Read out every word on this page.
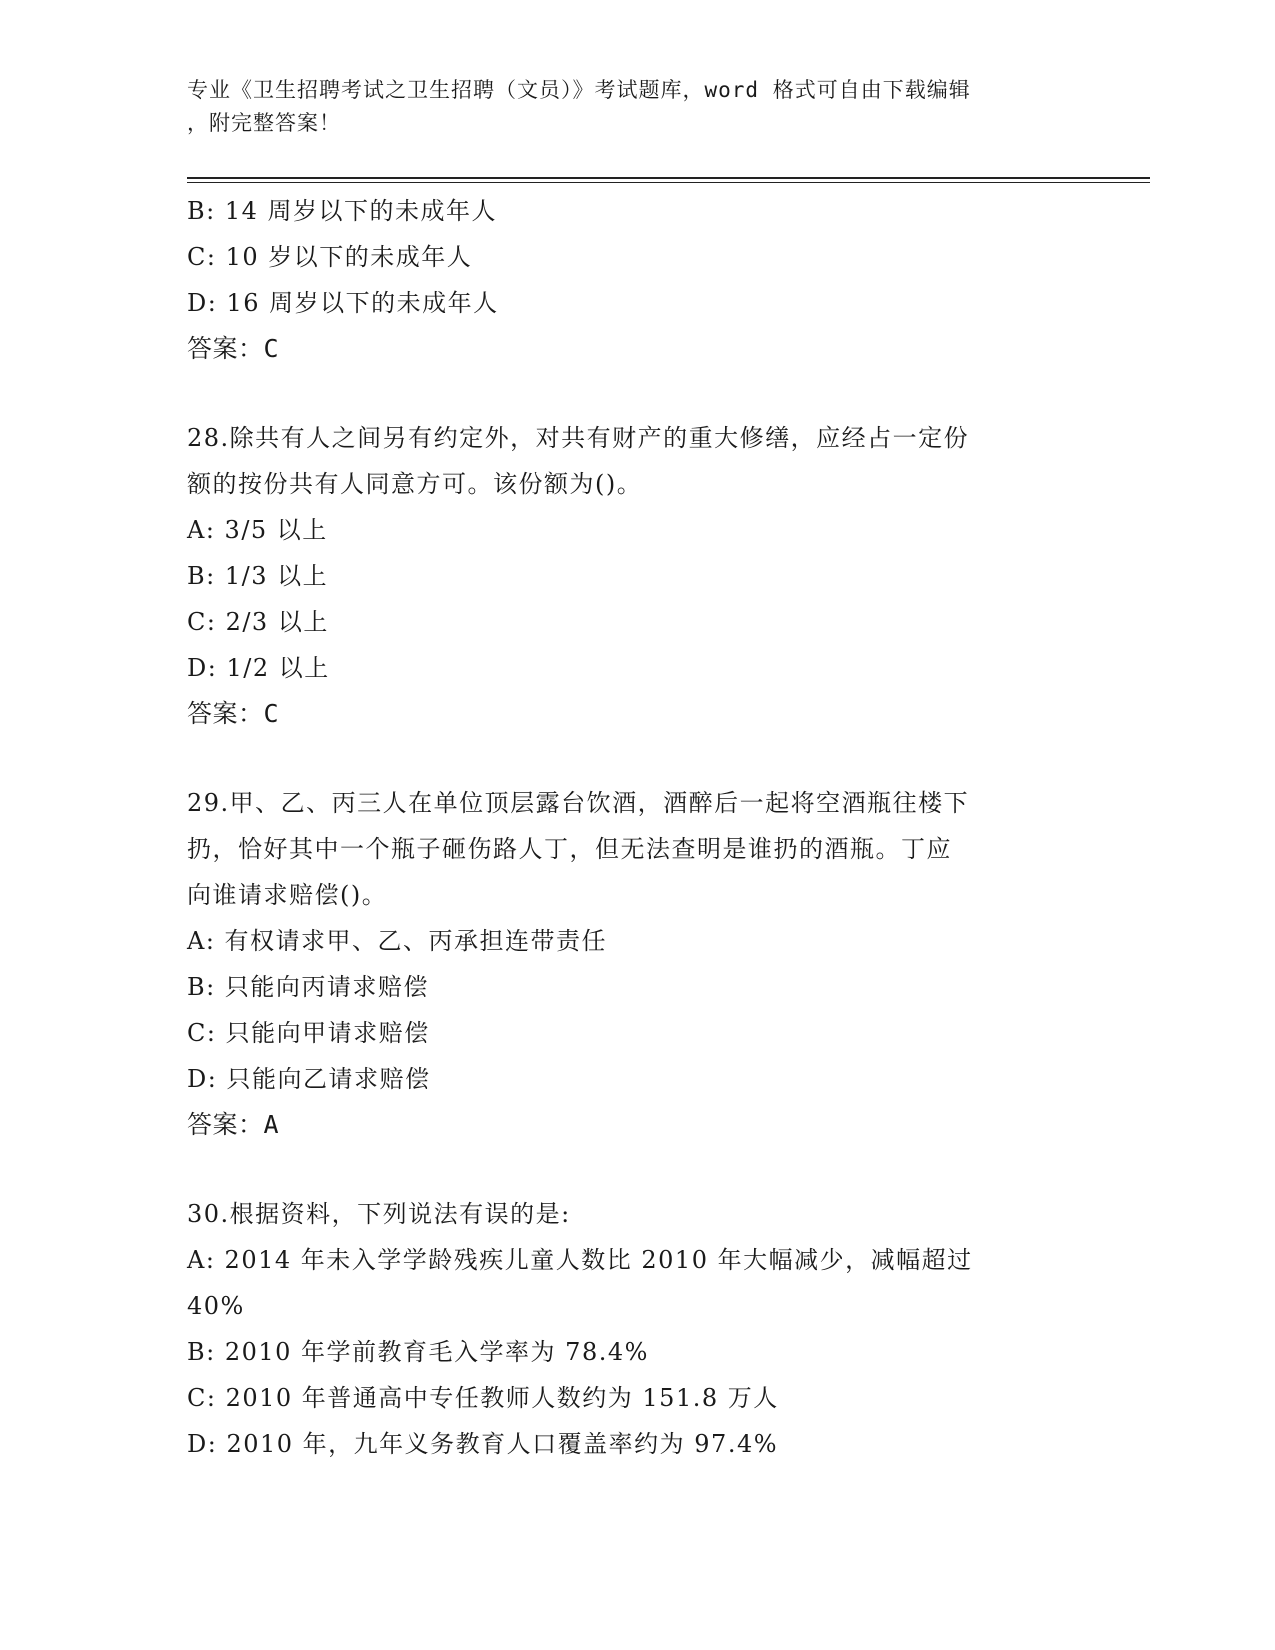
专业《卫生招聘考试之卫生招聘（文员）》考试题库，word 格式可自由下载编辑
，附完整答案！
B: 14 周岁以下的未成年人
C: 10 岁以下的未成年人
D: 16 周岁以下的未成年人
答案：C
28.除共有人之间另有约定外，对共有财产的重大修缮，应经占一定份
额的按份共有人同意方可。该份额为()。
A: 3/5 以上
B: 1/3 以上
C: 2/3 以上
D: 1/2 以上
答案：C
29.甲、乙、丙三人在单位顶层露台饮酒，酒醉后一起将空酒瓶往楼下
扔，恰好其中一个瓶子砸伤路人丁，但无法查明是谁扔的酒瓶。丁应
向谁请求赔偿()。
A: 有权请求甲、乙、丙承担连带责任
B: 只能向丙请求赔偿
C: 只能向甲请求赔偿
D: 只能向乙请求赔偿
答案：A
30.根据资料，下列说法有误的是:
A: 2014 年未入学学龄残疾儿童人数比 2010 年大幅减少，减幅超过
40%
B: 2010 年学前教育毛入学率为 78.4%
C: 2010 年普通高中专任教师人数约为 151.8 万人
D: 2010 年，九年义务教育人口覆盖率约为 97.4%
